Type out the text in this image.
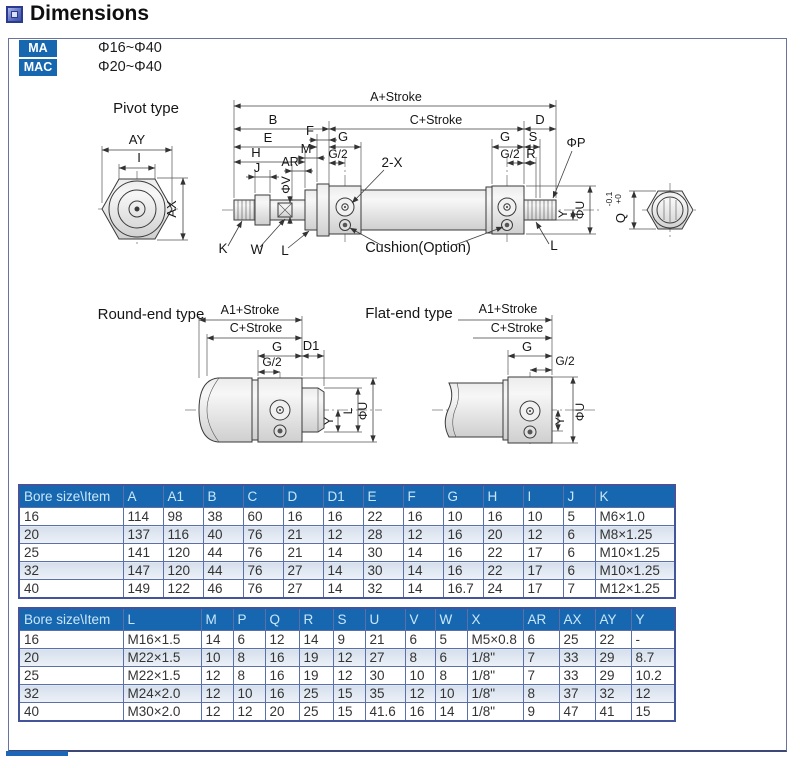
Dimensions
MA	Φ16~Φ40
MAC	Φ20~Φ40
Pivot type
AY
I
AX
A+Stroke
B	C+Stroke	D
E	F G
M
H	G/2
AR
J
ΦV
G S
G/2 R
ΦP
2-X
Cushion(Option)
K W L
Y ΦU
L
Q
+0
-0.1
Round-end type A1+Stroke
C+Stroke
G D1
G/2
Y
L ΦU
Flat-end type A1+Stroke
C+Stroke
G
G/2
Y ΦU
Bore size\Item	A	A1	B	C	D	D1	E	F	G	H	I	J	K
16	114	98	38	60	16	16	22	16	10	16	10	5	M6×1.0
20	137	116	40	76	21	12	28	12	16	20	12	6	M8×1.25
25	141	120	44	76	21	14	30	14	16	22	17	6	M10×1.25
32	147	120	44	76	27	14	30	14	16	22	17	6	M10×1.25
40	149	122	46	76	27	14	32	14	16.7	24	17	7	M12×1.25
Bore size\Item	L	M	P	Q	R	S	U	V	W	X	AR	AX	AY	Y
16	M16×1.5	14	6	12	14	9	21	6	5	M5×0.8	6	25	22	-
20	M22×1.5	10	8	16	19	12	27	8	6	1/8"	7	33	29	8.7
25	M22×1.5	12	8	16	19	12	30	10	8	1/8"	7	33	29	10.2
32	M24×2.0	12	10	16	25	15	35	12	10	1/8"	8	37	32	12
40	M30×2.0	12	12	20	25	15	41.6	16	14	1/8"	9	47	41	15
